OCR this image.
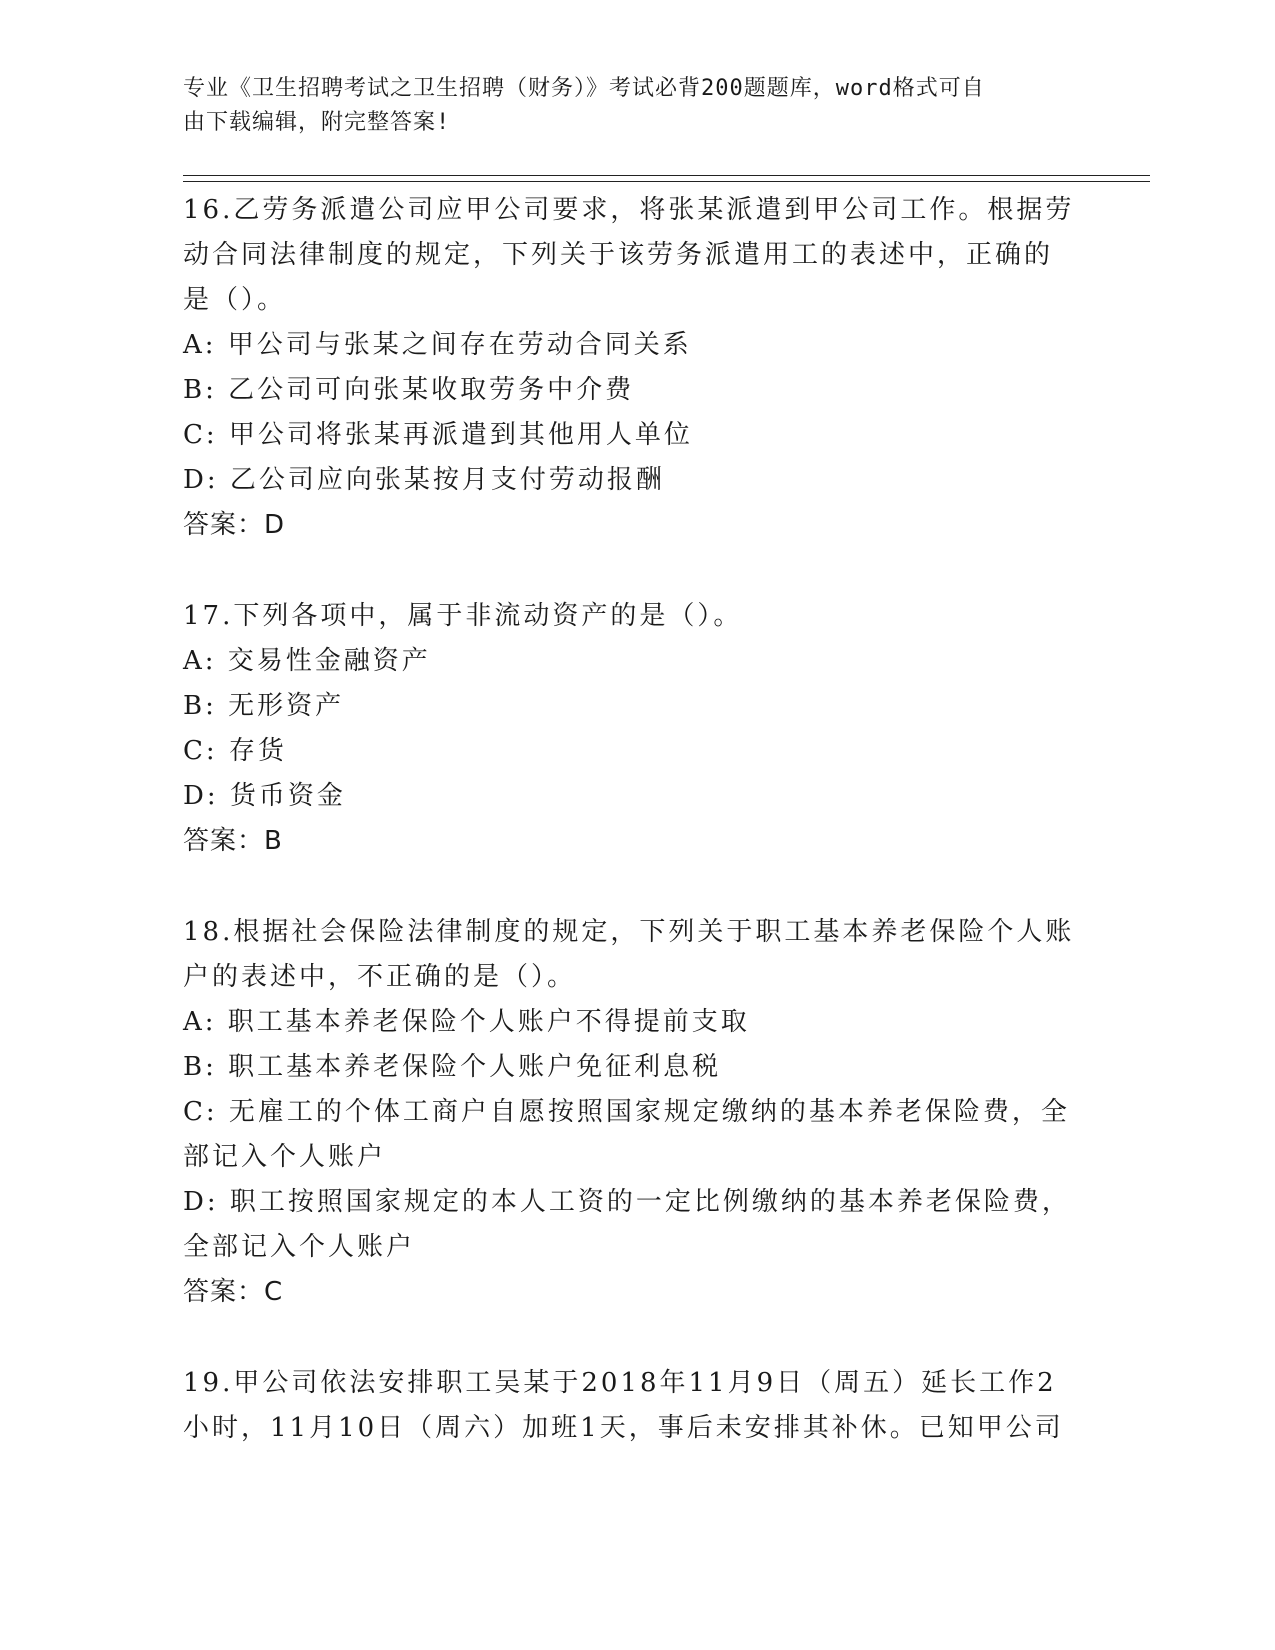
专业《卫生招聘考试之卫生招聘（财务）》考试必背200题题库，word格式可自
由下载编辑，附完整答案!
16.乙劳务派遣公司应甲公司要求，将张某派遣到甲公司工作。根据劳
动合同法律制度的规定，下列关于该劳务派遣用工的表述中，正确的
是（）。
A: 甲公司与张某之间存在劳动合同关系
B: 乙公司可向张某收取劳务中介费
C: 甲公司将张某再派遣到其他用人单位
D: 乙公司应向张某按月支付劳动报酬
答案：D
17.下列各项中，属于非流动资产的是（）。
A: 交易性金融资产
B: 无形资产
C: 存货
D: 货币资金
答案：B
18.根据社会保险法律制度的规定，下列关于职工基本养老保险个人账
户的表述中，不正确的是（）。
A: 职工基本养老保险个人账户不得提前支取
B: 职工基本养老保险个人账户免征利息税
C: 无雇工的个体工商户自愿按照国家规定缴纳的基本养老保险费，全
部记入个人账户
D: 职工按照国家规定的本人工资的一定比例缴纳的基本养老保险费，
全部记入个人账户
答案：C
19.甲公司依法安排职工吴某于2018年11月9日（周五）延长工作2
小时，11月10日（周六）加班1天，事后未安排其补休。已知甲公司
